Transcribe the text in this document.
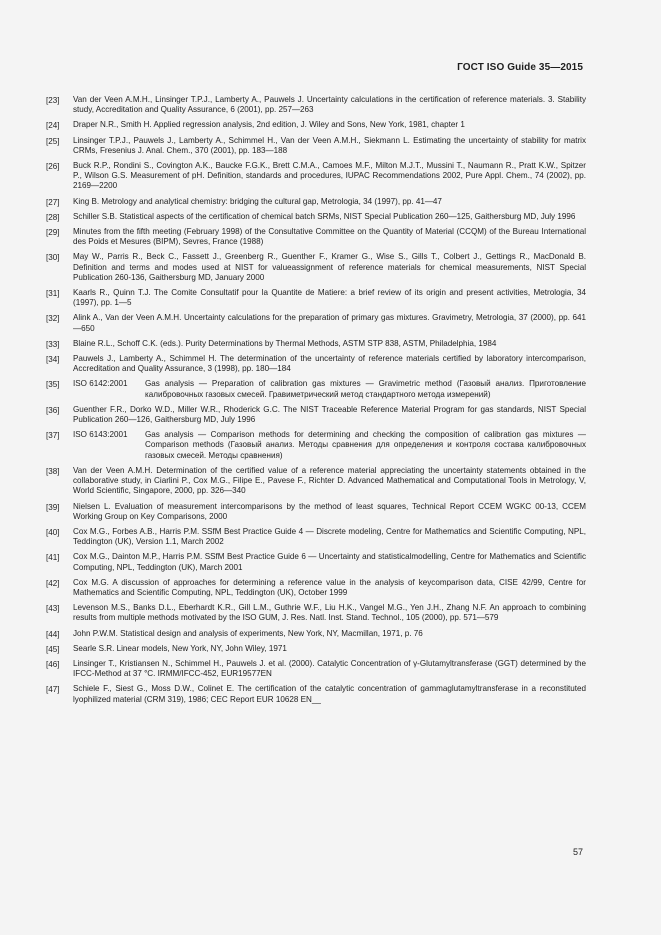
ГОСТ ISO Guide 35—2015
[23] Van der Veen A.M.H., Linsinger T.P.J., Lamberty A., Pauwels J. Uncertainty calculations in the certification of reference materials. 3. Stability study, Accreditation and Quality Assurance, 6 (2001), pp. 257—263
[24] Draper N.R., Smith H. Applied regression analysis, 2nd edition, J. Wiley and Sons, New York, 1981, chapter 1
[25] Linsinger T.P.J., Pauwels J., Lamberty A., Schimmel H., Van der Veen A.M.H., Siekmann L. Estimating the uncertainty of stability for matrix CRMs, Fresenius J. Anal. Chem., 370 (2001), pp. 183—188
[26] Buck R.P., Rondini S., Covington A.K., Baucke F.G.K., Brett C.M.A., Camoes M.F., Milton M.J.T., Mussini T., Naumann R., Pratt K.W., Spitzer P., Wilson G.S. Measurement of pH. Definition, standards and procedures, IUPAC Recommendations 2002, Pure Appl. Chem., 74 (2002), pp. 2169—2200
[27] King B. Metrology and analytical chemistry: bridging the cultural gap, Metrologia, 34 (1997), pp. 41—47
[28] Schiller S.B. Statistical aspects of the certification of chemical batch SRMs, NIST Special Publication 260—125, Gaithersburg MD, July 1996
[29] Minutes from the fifth meeting (February 1998) of the Consultative Committee on the Quantity of Material (CCQM) of the Bureau International des Poids et Mesures (BIPM), Sevres, France (1988)
[30] May W., Parris R., Beck C., Fassett J., Greenberg R., Guenther F., Kramer G., Wise S., Gills T., Colbert J., Gettings R., MacDonald B. Definition and terms and modes used at NIST for valueassignment of reference materials for chemical measurements, NIST Special Publication 260-136, Gaithersburg MD, January 2000
[31] Kaarls R., Quinn T.J. The Comite Consultatif pour la Quantite de Matiere: a brief review of its origin and present activities, Metrologia, 34 (1997), pp. 1—5
[32] Alink A., Van der Veen A.M.H. Uncertainty calculations for the preparation of primary gas mixtures. Gravimetry, Metrologia, 37 (2000), pp. 641—650
[33] Blaine R.L., Schoff C.K. (eds.). Purity Determinations by Thermal Methods, ASTM STP 838, ASTM, Philadelphia, 1984
[34] Pauwels J., Lamberty A., Schimmel H. The determination of the uncertainty of reference materials certified by laboratory intercomparison, Accreditation and Quality Assurance, 3 (1998), pp. 180—184
[35] ISO 6142:2001	Gas analysis — Preparation of calibration gas mixtures — Gravimetric method (Газовый анализ. Приготовление калибровочных газовых смесей. Гравиметрический метод стандартного метода измерений)
[36] Guenther F.R., Dorko W.D., Miller W.R., Rhoderick G.C. The NIST Traceable Reference Material Program for gas standards, NIST Special Publication 260—126, Gaithersburg MD, July 1996
[37] ISO 6143:2001	Gas analysis — Comparison methods for determining and checking the composition of calibration gas mixtures — Comparison methods (Газовый анализ. Методы сравнения для определения и контроля состава калибровочных газовых смесей. Методы сравнения)
[38] Van der Veen A.M.H. Determination of the certified value of a reference material appreciating the uncertainty statements obtained in the collaborative study, in Ciarlini P., Cox M.G., Filipe E., Pavese F., Richter D. Advanced Mathematical and Computational Tools in Metrology, V, World Scientific, Singapore, 2000, pp. 326—340
[39] Nielsen L. Evaluation of measurement intercomparisons by the method of least squares, Technical Report CCEM WGKC 00-13, CCEM Working Group on Key Comparisons, 2000
[40] Cox M.G., Forbes A.B., Harris P.M. SSfM Best Practice Guide 4 — Discrete modeling, Centre for Mathematics and Scientific Computing, NPL, Teddington (UK), Version 1.1, March 2002
[41] Cox M.G., Dainton M.P., Harris P.M. SSfM Best Practice Guide 6 — Uncertainty and statisticalmodelling, Centre for Mathematics and Scientific Computing, NPL, Teddington (UK), March 2001
[42] Cox M.G. A discussion of approaches for determining a reference value in the analysis of keycomparison data, CISE 42/99, Centre for Mathematics and Scientific Computing, NPL, Teddington (UK), October 1999
[43] Levenson M.S., Banks D.L., Eberhardt K.R., Gill L.M., Guthrie W.F., Liu H.K., Vangel M.G., Yen J.H., Zhang N.F. An approach to combining results from multiple methods motivated by the ISO GUM, J. Res. Natl. Inst. Stand. Technol., 105 (2000), pp. 571—579
[44] John P.W.M. Statistical design and analysis of experiments, New York, NY, Macmillan, 1971, p. 76
[45] Searle S.R. Linear models, New York, NY, John Wiley, 1971
[46] Linsinger T., Kristiansen N., Schimmel H., Pauwels J. et al. (2000). Catalytic Concentration of γ-Glutamyltransferase (GGT) determined by the IFCC-Method at 37 °C. IRMM/IFCC-452, EUR19577EN
[47] Schiele F., Siest G., Moss D.W., Colinet E. The certification of the catalytic concentration of gammaglutamyltransferase in a reconstituted lyophilized material (CRM 319), 1986; CEC Report EUR 10628 EN__
57
